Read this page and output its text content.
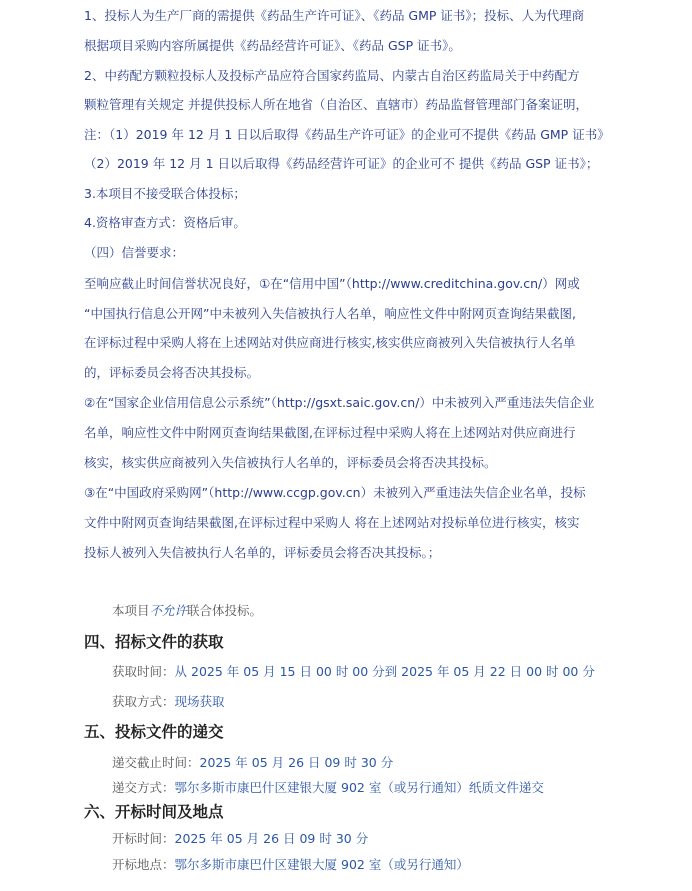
1、投标人为生产厂商的需提供《药品生产许可证》、《药品 GMP 证书》；投标、人为代理商
根据项目采购内容所属提供《药品经营许可证》、《药品 GSP 证书》。
2、中药配方颗粒投标人及投标产品应符合国家药监局、内蒙古自治区药监局关于中药配方
颗粒管理有关规定 并提供投标人所在地省（自治区、直辖市）药品监督管理部门备案证明，
注：（1）2019 年 12 月 1 日以后取得《药品生产许可证》的企业可不提供《药品 GMP 证书》
（2）2019 年 12 月 1 日以后取得《药品经营许可证》的企业可不 提供《药品 GSP 证书》；
3.本项目不接受联合体投标；
4.资格审查方式：资格后审。
（四）信誉要求：
至响应截止时间信誉状况良好，①在“信用中国”（http://www.creditchina.gov.cn/）网或
“中国执行信息公开网”中未被列入失信被执行人名单，响应性文件中附网页查询结果截图,
在评标过程中采购人将在上述网站对供应商进行核实,核实供应商被列入失信被执行人名单
的，评标委员会将否决其投标。
②在“国家企业信用信息公示系统”（http://gsxt.saic.gov.cn/）中未被列入严重违法失信企业
名单，响应性文件中附网页查询结果截图,在评标过程中采购人将在上述网站对供应商进行
核实，核实供应商被列入失信被执行人名单的，评标委员会将否决其投标。
③在“中国政府采购网”（http://www.ccgp.gov.cn）未被列入严重违法失信企业名单，投标
文件中附网页查询结果截图,在评标过程中采购人 将在上述网站对投标单位进行核实，核实
投标人被列入失信被执行人名单的，评标委员会将否决其投标。；
本项目不允许联合体投标。
四、招标文件的获取
获取时间：从 2025 年 05 月 15 日 00 时 00 分到 2025 年 05 月 22 日 00 时 00 分
获取方式：现场获取
五、投标文件的递交
递交截止时间：2025 年 05 月 26 日 09 时 30 分
递交方式：鄂尔多斯市康巴什区建银大厦 902 室（或另行通知）纸质文件递交
六、开标时间及地点
开标时间：2025 年 05 月 26 日 09 时 30 分
开标地点：鄂尔多斯市康巴什区建银大厦 902 室（或另行通知）
